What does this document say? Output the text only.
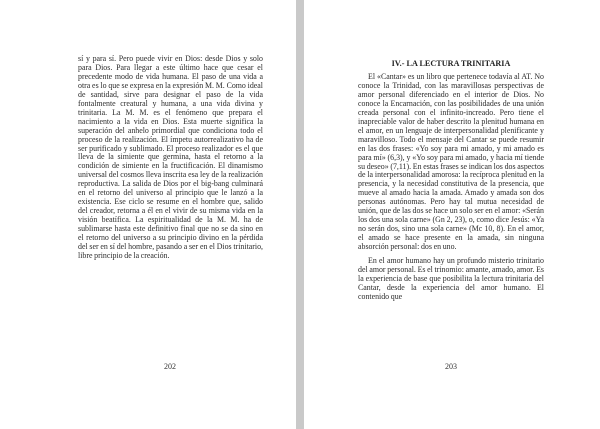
sí y para sí. Pero puede vivir en Dios: desde Dios y solo para Dios. Para llegar a este último hace que cesar el precedente modo de vida humana. El paso de una vida a otra es lo que se expresa en la expresión M. M. Como ideal de santidad, sirve para designar el paso de la vida fontalmente creatural y humana, a una vida divina y trinitaria. La M. M. es el fenómeno que prepara el nacimiento a la vida en Dios. Esta muerte significa la superación del anhelo primordial que condiciona todo el proceso de la realización. El ímpetu autorrealizativo ha de ser purificado y sublimado. El proceso realizador es el que lleva de la simiente que germina, hasta el retorno a la condición de simiente en la fructificación. El dinamismo universal del cosmos lleva inscrita esa ley de la realización reproductiva. La salida de Dios por el big-bang culminará en el retorno del universo al principio que le lanzó a la existencia. Ese ciclo se resume en el hombre que, salido del creador, retorna a él en el vivir de su misma vida en la visión beatífica. La espiritualidad de la M. M. ha de sublimarse hasta este definitivo final que no se da sino en el retorno del universo a su principio divino en la pérdida del ser en sí del hombre, pasando a ser en el Dios trinitario, libre principio de la creación.

202
IV.- LA LECTURA TRINITARIA

El «Cantar» es un libro que pertenece todavía al AT. No conoce la Trinidad, con las maravillosas perspectivas de amor personal diferenciado en el interior de Dios. No conoce la Encarnación, con las posibilidades de una unión creada personal con el infinito-increado. Pero tiene el inapreciable valor de haber descrito la plenitud humana en el amor, en un lenguaje de interpersonalidad plenificante y maravilloso. Todo el mensaje del Cantar se puede resumir en las dos frases: «Yo soy para mi amado, y mi amado es para mí» (6,3), y «Yo soy para mi amado, y hacia mí tiende su deseo» (7,11). En estas frases se indican los dos aspectos de la interpersonalidad amorosa: la recíproca plenitud en la presencia, y la necesidad constitutiva de la presencia, que mueve al amado hacia la amada. Amado y amada son dos personas autónomas. Pero hay tal mutua necesidad de unión, que de las dos se hace un solo ser en el amor: «Serán los dos una sola carne» (Gn 2, 23), o, como dice Jesús: «Ya no serán dos, sino una sola carne» (Mc 10, 8). En el amor, el amado se hace presente en la amada, sin ninguna absorción personal: dos en uno.

En el amor humano hay un profundo misterio trinitario del amor personal. Es el trinomio: amante, amado, amor. Es la experiencia de base que posibilita la lectura trinitaria del Cantar, desde la experiencia del amor humano. El contenido que

203
